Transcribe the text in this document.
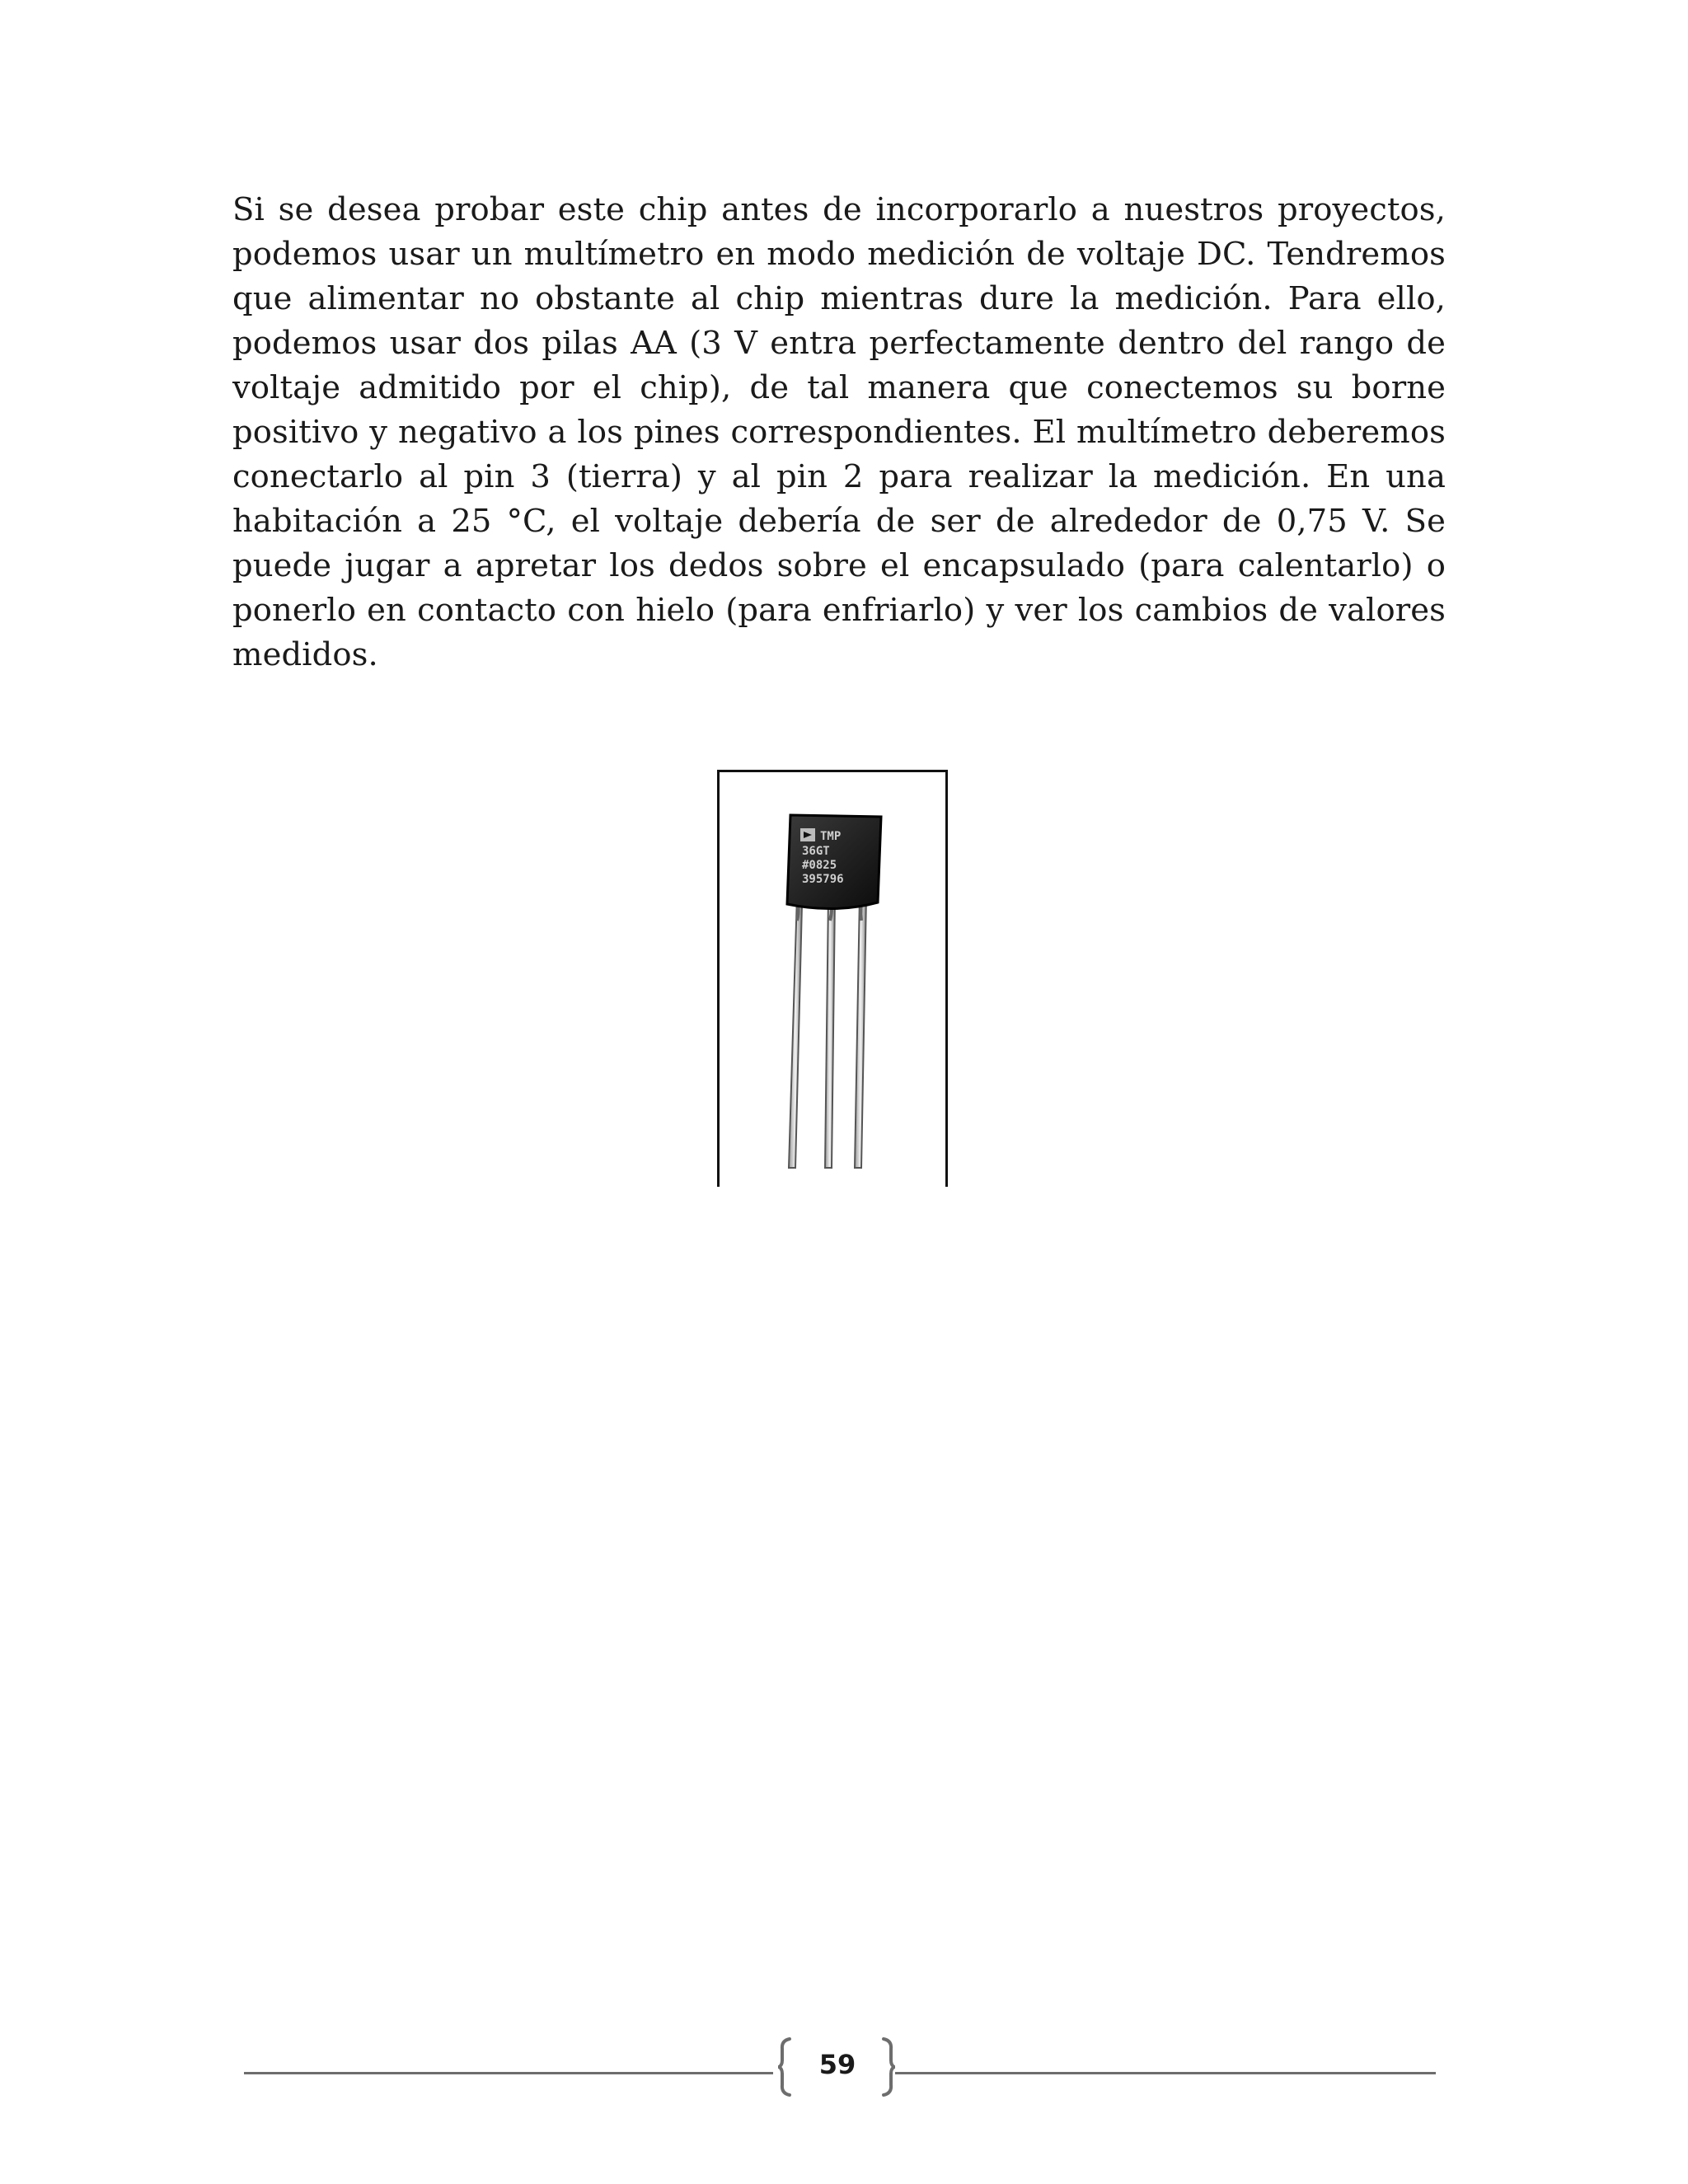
Si se desea probar este chip antes de incorporarlo a nuestros proyectos, podemos usar un multímetro en modo medición de voltaje DC. Tendremos que alimentar no obstante al chip mientras dure la medición. Para ello, podemos usar dos pilas AA (3 V entra perfectamente dentro del rango de voltaje admitido por el chip), de tal manera que conectemos su borne positivo y negativo a los pines correspondientes. El multímetro deberemos conectarlo al pin 3 (tierra) y al pin 2 para realizar la medición. En una habitación a 25 °C, el voltaje debería de ser de alrededor de 0,75 V. Se puede jugar a apretar los dedos sobre el encapsulado (para calentarlo) o ponerlo en contacto con hielo (para enfriarlo) y ver los cambios de valores medidos.

TMP
36GT
#0825
395796
59
